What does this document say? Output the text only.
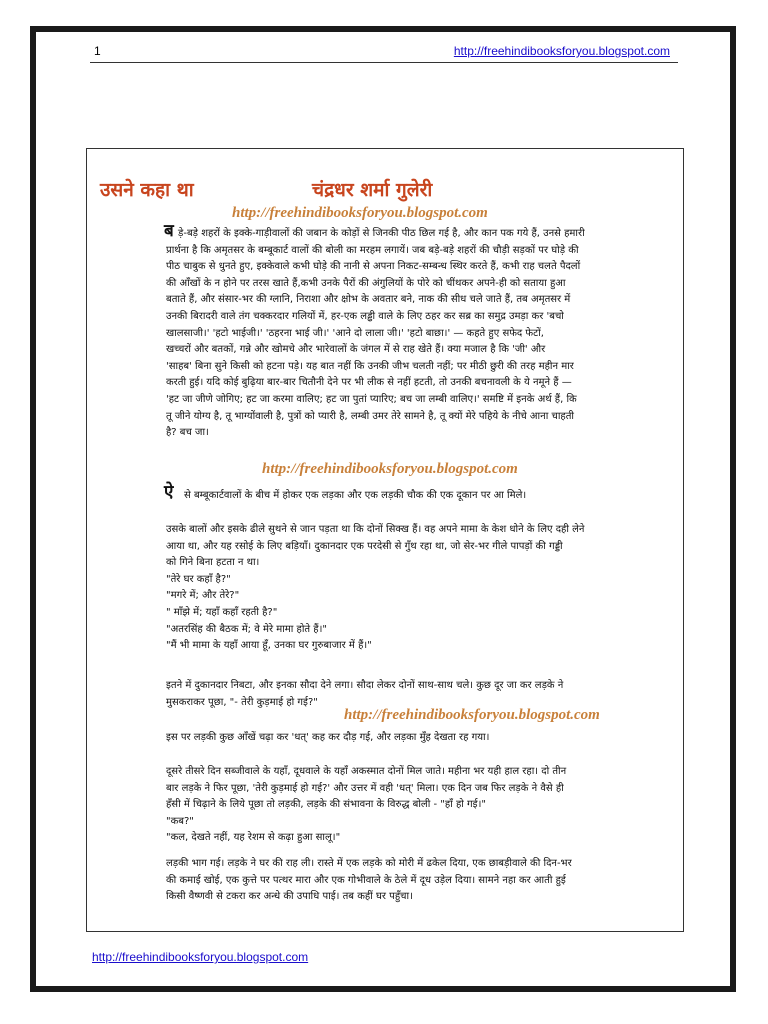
1	http://freehindibooksforyou.blogspot.com
उसने कहा था	चंद्रधर शर्मा गुलेरी
http://freehindibooksforyou.blogspot.com

ब ड़े-बड़े शहरों के इक्के-गाड़ीवालों की जबान के कोड़ों से जिनकी पीठ छिल गई है, और कान पक गये हैं, उनसे हमारी
प्रार्थना है कि अमृतसर के बम्बूकार्ट वालों की बोली का मरहम लगायें। जब बड़े-बड़े शहरों की चौड़ी सड़कों पर घोड़े की
पीठ चाबुक से धुनते हुए, इक्केवाले कभी घोड़े की नानी से अपना निकट-सम्बन्ध स्थिर करते हैं, कभी राह चलते पैदलों
की आँखों के न होने पर तरस खाते हैं,कभी उनके पैरों की अंगुलियों के पोरे को चींथकर अपने-ही को सताया हुआ
बताते हैं, और संसार-भर की ग्लानि, निराशा और क्षोभ के अवतार बने, नाक की सीध चले जाते हैं, तब अमृतसर में
उनकी बिरादरी वाले तंग चक्करदार गलियों में, हर-एक लड्ढी वाले के लिए ठहर कर सब्र का समुद्र उमड़ा कर 'बचो
खालसाजी।' 'हटो भाईजी।' 'ठहरना भाई जी।' 'आने दो लाला जी।' 'हटो बाछा।' — कहते हुए सफेद फेटों,
खच्चरों और बतकों, गन्ने और खोमचे और भारेवालों के जंगल में से राह खेते हैं। क्या मजाल है कि 'जी' और
'साहब' बिना सुने किसी को हटना पड़े। यह बात नहीं कि उनकी जीभ चलती नहीं; पर मीठी छुरी की तरह महीन मार
करती हुई। यदि कोई बुढ़िया बार-बार चितौनी देने पर भी लीक से नहीं हटती, तो उनकी बचनावली के ये नमूने हैं —
'हट जा जीणे जोगिए; हट जा करमा वालिए; हट जा पुतां प्यारिए; बच जा लम्बी वालिए।' समष्टि में इनके अर्थ हैं, कि
तू जीने योग्य है, तू भाग्योंवाली है, पुत्रों को प्यारी है, लम्बी उमर तेरे सामने है, तू क्यों मेरे पहिये के नीचे आना चाहती
है? बच जा।

http://freehindibooksforyou.blogspot.com

ऐ से बम्बूकार्टवालों के बीच में होकर एक लड़का और एक लड़की चौक की एक दूकान पर आ मिले।

उसके बालों और इसके ढीले सुथने से जान पड़ता था कि दोनों सिक्ख हैं। वह अपने मामा के केश धोने के लिए दही लेने
आया था, और यह रसोई के लिए बड़ियाँ। दुकानदार एक परदेसी से गुँथ रहा था, जो सेर-भर गीले पापड़ों की गड्डी
को गिने बिना हटता न था।
"तेरे घर कहाँ है?"
"मगरे में; और तेरे?"
" माँझे में; यहाँ कहाँ रहती है?"
"अतरसिंह की बैठक में; वे मेरे मामा होते हैं।"
"मैं भी मामा के यहाँ आया हूँ, उनका घर गुरुबाजार में हैं।"

इतने में दुकानदार निबटा, और इनका सौदा देने लगा। सौदा लेकर दोनों साथ-साथ चले। कुछ दूर जा कर लड़के ने
मुसकराकर पूछा, "- तेरी कुड़माई हो गई?"

http://freehindibooksforyou.blogspot.com

इस पर लड़की कुछ आँखें चढ़ा कर 'धत्' कह कर दौड़ गई, और लड़का मुँह देखता रह गया।

दूसरे तीसरे दिन सब्जीवाले के यहाँ, दूधवाले के यहाँ अकस्मात दोनों मिल जाते। महीना भर यही हाल रहा। दो तीन
बार लड़के ने फिर पूछा, 'तेरी कुड़माई हो गई?' और उत्तर में वही 'धत्' मिला। एक दिन जब फिर लड़के ने वैसे ही
हँसी में चिढ़ाने के लिये पूछा तो लड़की, लड़के की संभावना के विरुद्ध बोली - "हाँ हो गई।"
"कब?"
"कल, देखते नहीं, यह रेशम से कढ़ा हुआ सालू।"

लड़की भाग गई। लड़के ने घर की राह ली। रास्ते में एक लड़के को मोरी में ढकेल दिया, एक छाबड़ीवाले की दिन-भर
की कमाई खोई, एक कुत्ते पर पत्थर मारा और एक गोभीवाले के ठेले में दूध उड़ेल दिया। सामने नहा कर आती हुई
किसी वैष्णवी से टकरा कर अन्धे की उपाधि पाई। तब कहीं घर पहुँचा।

http://freehindibooksforyou.blogspot.com
